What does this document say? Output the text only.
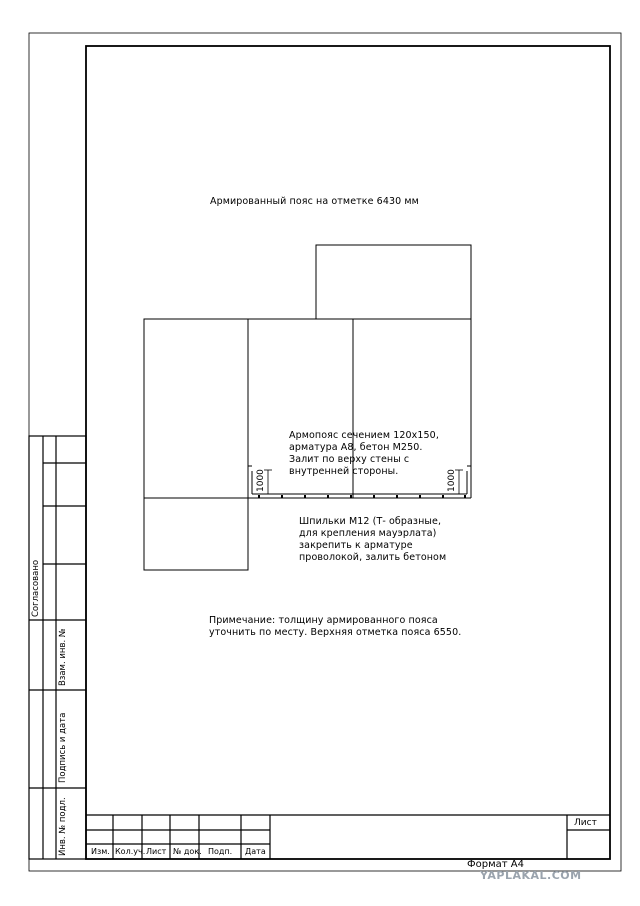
Армированный пояс на отметке 6430 мм
Армопояс сечением 120x150,
арматура А8, бетон М250.
Залит по верху стены с
внутренней стороны.
Шпильки М12 (Т- образные,
для крепления мауэрлата)
закрепить к арматуре
проволокой, залить бетоном
Примечание: толщину армированного пояса
уточнить по месту. Верхняя отметка пояса 6550.
1000	1000
Согласовано
Взам. инв. №
Подпись и дата
Инв. № подл.	Изм. Кол.уч. Лист № док. Подп. Дата
Лист
Формат А4
YAPLAKAL.COM
